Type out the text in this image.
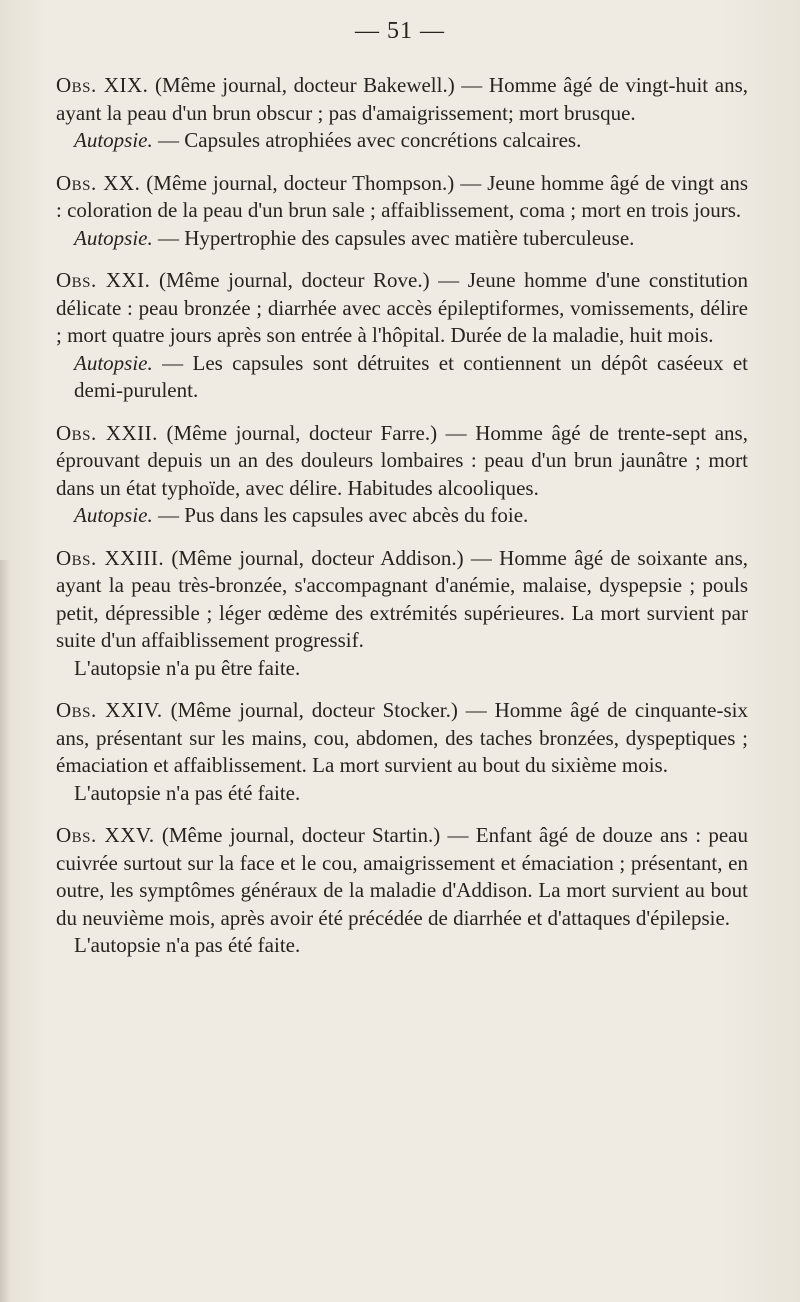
— 51 —

Obs. XIX. (Même journal, docteur Bakewell.) — Homme âgé de vingt-huit ans, ayant la peau d'un brun obscur ; pas d'amaigrissement; mort brusque.

Autopsie. — Capsules atrophiées avec concrétions calcaires.

Obs. XX. (Même journal, docteur Thompson.) — Jeune homme âgé de vingt ans : coloration de la peau d'un brun sale ; affaiblissement, coma ; mort en trois jours.

Autopsie. — Hypertrophie des capsules avec matière tuberculeuse.

Obs. XXI. (Même journal, docteur Rove.) — Jeune homme d'une constitution délicate : peau bronzée ; diarrhée avec accès épileptiformes, vomissements, délire ; mort quatre jours après son entrée à l'hôpital. Durée de la maladie, huit mois.

Autopsie. — Les capsules sont détruites et contiennent un dépôt caséeux et demi-purulent.

Obs. XXII. (Même journal, docteur Farre.) — Homme âgé de trente-sept ans, éprouvant depuis un an des douleurs lombaires : peau d'un brun jaunâtre ; mort dans un état typhoïde, avec délire. Habitudes alcooliques.

Autopsie. — Pus dans les capsules avec abcès du foie.

Obs. XXIII. (Même journal, docteur Addison.) — Homme âgé de soixante ans, ayant la peau très-bronzée, s'accompagnant d'anémie, malaise, dyspepsie ; pouls petit, dépressible ; léger œdème des extrémités supérieures. La mort survient par suite d'un affaiblissement progressif.

L'autopsie n'a pu être faite.

Obs. XXIV. (Même journal, docteur Stocker.) — Homme âgé de cinquante-six ans, présentant sur les mains, cou, abdomen, des taches bronzées, dyspeptiques ; émaciation et affaiblissement. La mort survient au bout du sixième mois.

L'autopsie n'a pas été faite.

Obs. XXV. (Même journal, docteur Startin.) — Enfant âgé de douze ans : peau cuivrée surtout sur la face et le cou, amaigrissement et émaciation ; présentant, en outre, les symptômes généraux de la maladie d'Addison. La mort survient au bout du neuvième mois, après avoir été précédée de diarrhée et d'attaques d'épilepsie.

L'autopsie n'a pas été faite.
